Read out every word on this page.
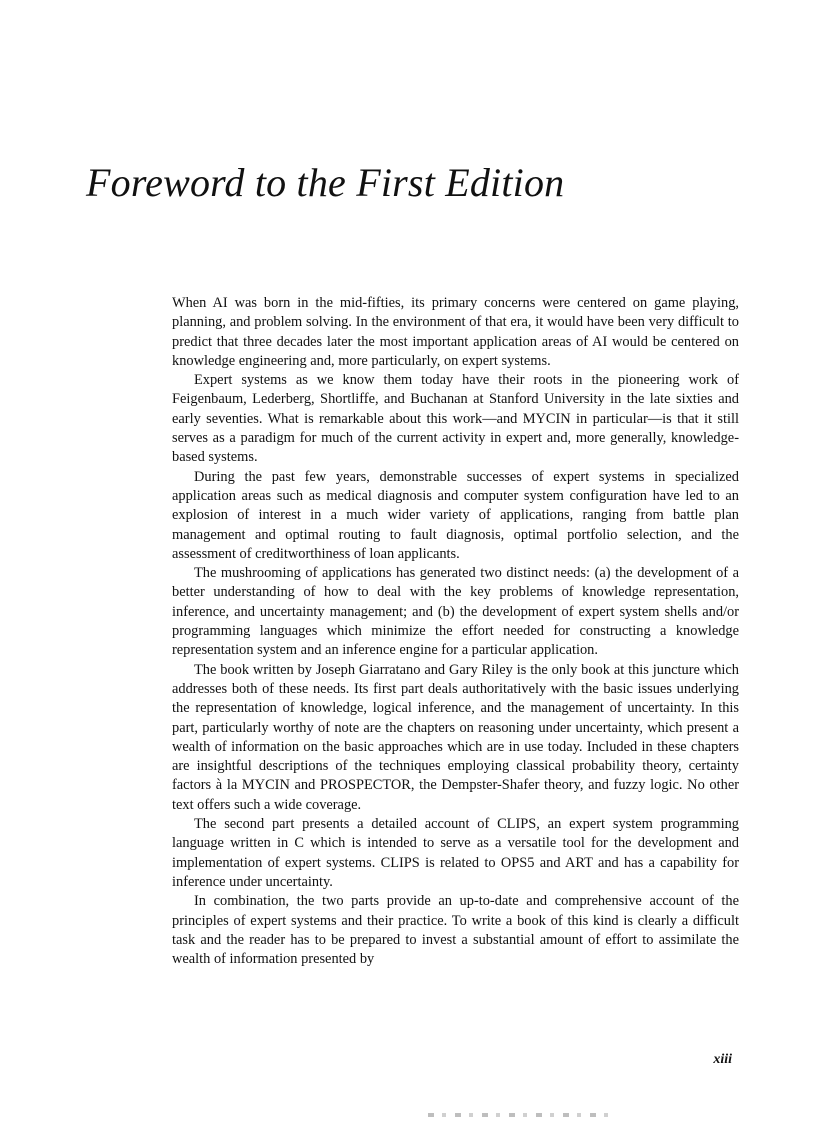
Foreword to the First Edition

When AI was born in the mid-fifties, its primary concerns were centered on game playing, planning, and problem solving. In the environment of that era, it would have been very difficult to predict that three decades later the most important application areas of AI would be centered on knowledge engineering and, more particularly, on expert systems.

Expert systems as we know them today have their roots in the pioneering work of Feigenbaum, Lederberg, Shortliffe, and Buchanan at Stanford University in the late sixties and early seventies. What is remarkable about this work—and MYCIN in particular—is that it still serves as a paradigm for much of the current activity in expert and, more generally, knowledge-based systems.

During the past few years, demonstrable successes of expert systems in specialized application areas such as medical diagnosis and computer system configuration have led to an explosion of interest in a much wider variety of applications, ranging from battle plan management and optimal routing to fault diagnosis, optimal portfolio selection, and the assessment of creditworthiness of loan applicants.

The mushrooming of applications has generated two distinct needs: (a) the development of a better understanding of how to deal with the key problems of knowledge representation, inference, and uncertainty management; and (b) the development of expert system shells and/or programming languages which minimize the effort needed for constructing a knowledge representation system and an inference engine for a particular application.

The book written by Joseph Giarratano and Gary Riley is the only book at this juncture which addresses both of these needs. Its first part deals authoritatively with the basic issues underlying the representation of knowledge, logical inference, and the management of uncertainty. In this part, particularly worthy of note are the chapters on reasoning under uncertainty, which present a wealth of information on the basic approaches which are in use today. Included in these chapters are insightful descriptions of the techniques employing classical probability theory, certainty factors à la MYCIN and PROSPECTOR, the Dempster-Shafer theory, and fuzzy logic. No other text offers such a wide coverage.

The second part presents a detailed account of CLIPS, an expert system programming language written in C which is intended to serve as a versatile tool for the development and implementation of expert systems. CLIPS is related to OPS5 and ART and has a capability for inference under uncertainty.

In combination, the two parts provide an up-to-date and comprehensive account of the principles of expert systems and their practice. To write a book of this kind is clearly a difficult task and the reader has to be prepared to invest a substantial amount of effort to assimilate the wealth of information presented by

xiii
